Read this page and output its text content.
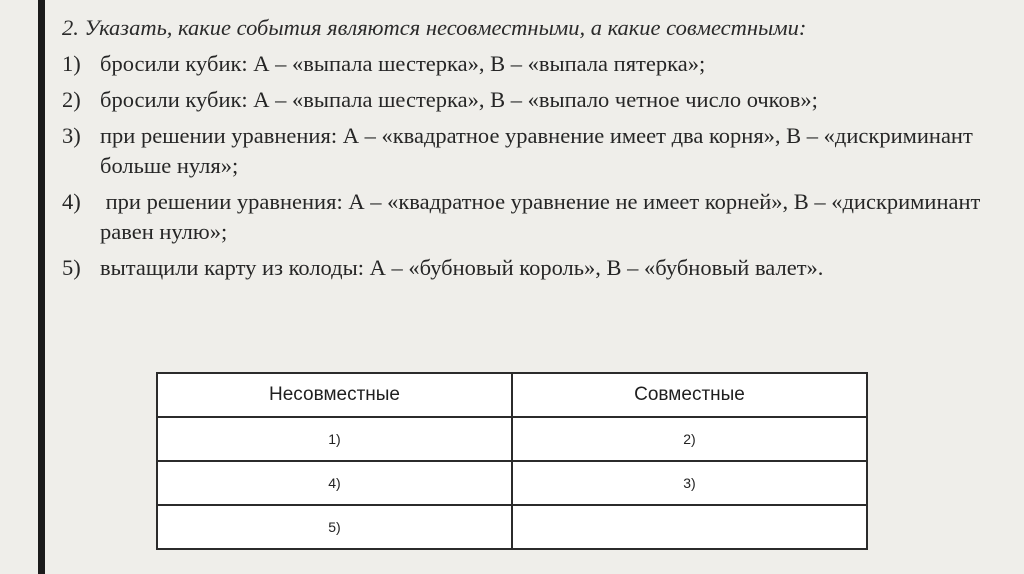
2. Указать, какие события являются несовместными, а какие совместными:

1) бросили кубик: А – «выпала шестерка», В – «выпала пятерка»;
2) бросили кубик: А – «выпала шестерка», В – «выпало четное число очков»;
3) при решении уравнения: А – «квадратное уравнение имеет два корня», В – «дискриминант больше нуля»;
4) при решении уравнения: А – «квадратное уравнение не имеет корней», В – «дискриминант равен нулю»;
5) вытащили карту из колоды: А – «бубновый король», В – «бубновый валет».
Несовместные	Совместные
1)	2)
4)	3)
5)	
